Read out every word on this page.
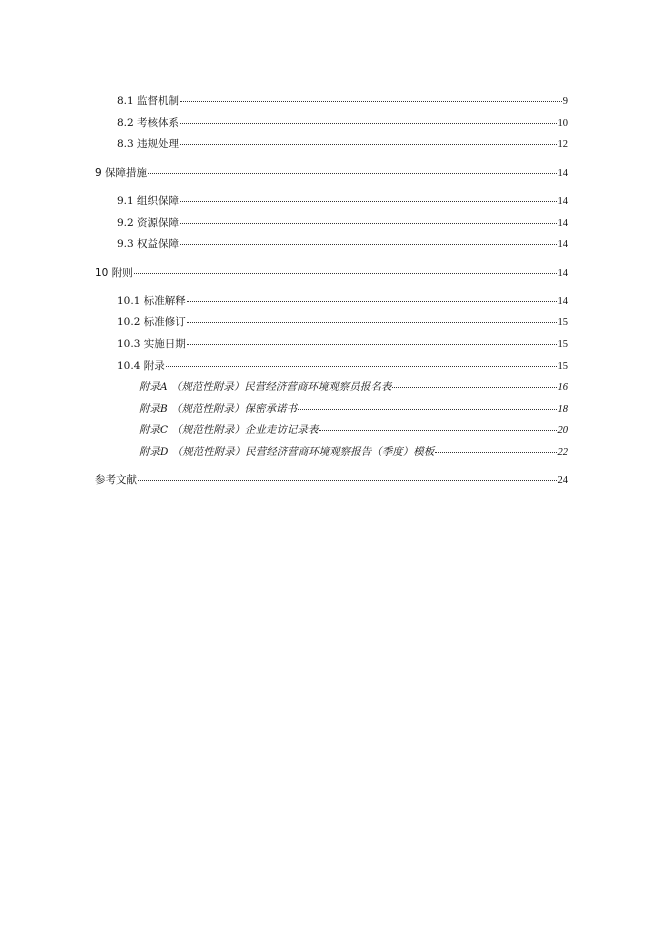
8.1 监督机制	9
8.2 考核体系	10
8.3 违规处理	12
9 保障措施	14
9.1 组织保障	14
9.2 资源保障	14
9.3 权益保障	14
10 附则	14
10.1 标准解释	14
10.2 标准修订	15
10.3 实施日期	15
10.4 附录	15
附录A （规范性附录）民营经济营商环境观察员报名表	16
附录B （规范性附录）保密承诺书	18
附录C （规范性附录）企业走访记录表	20
附录D （规范性附录）民营经济营商环境观察报告（季度）模板	22
参考文献	24
